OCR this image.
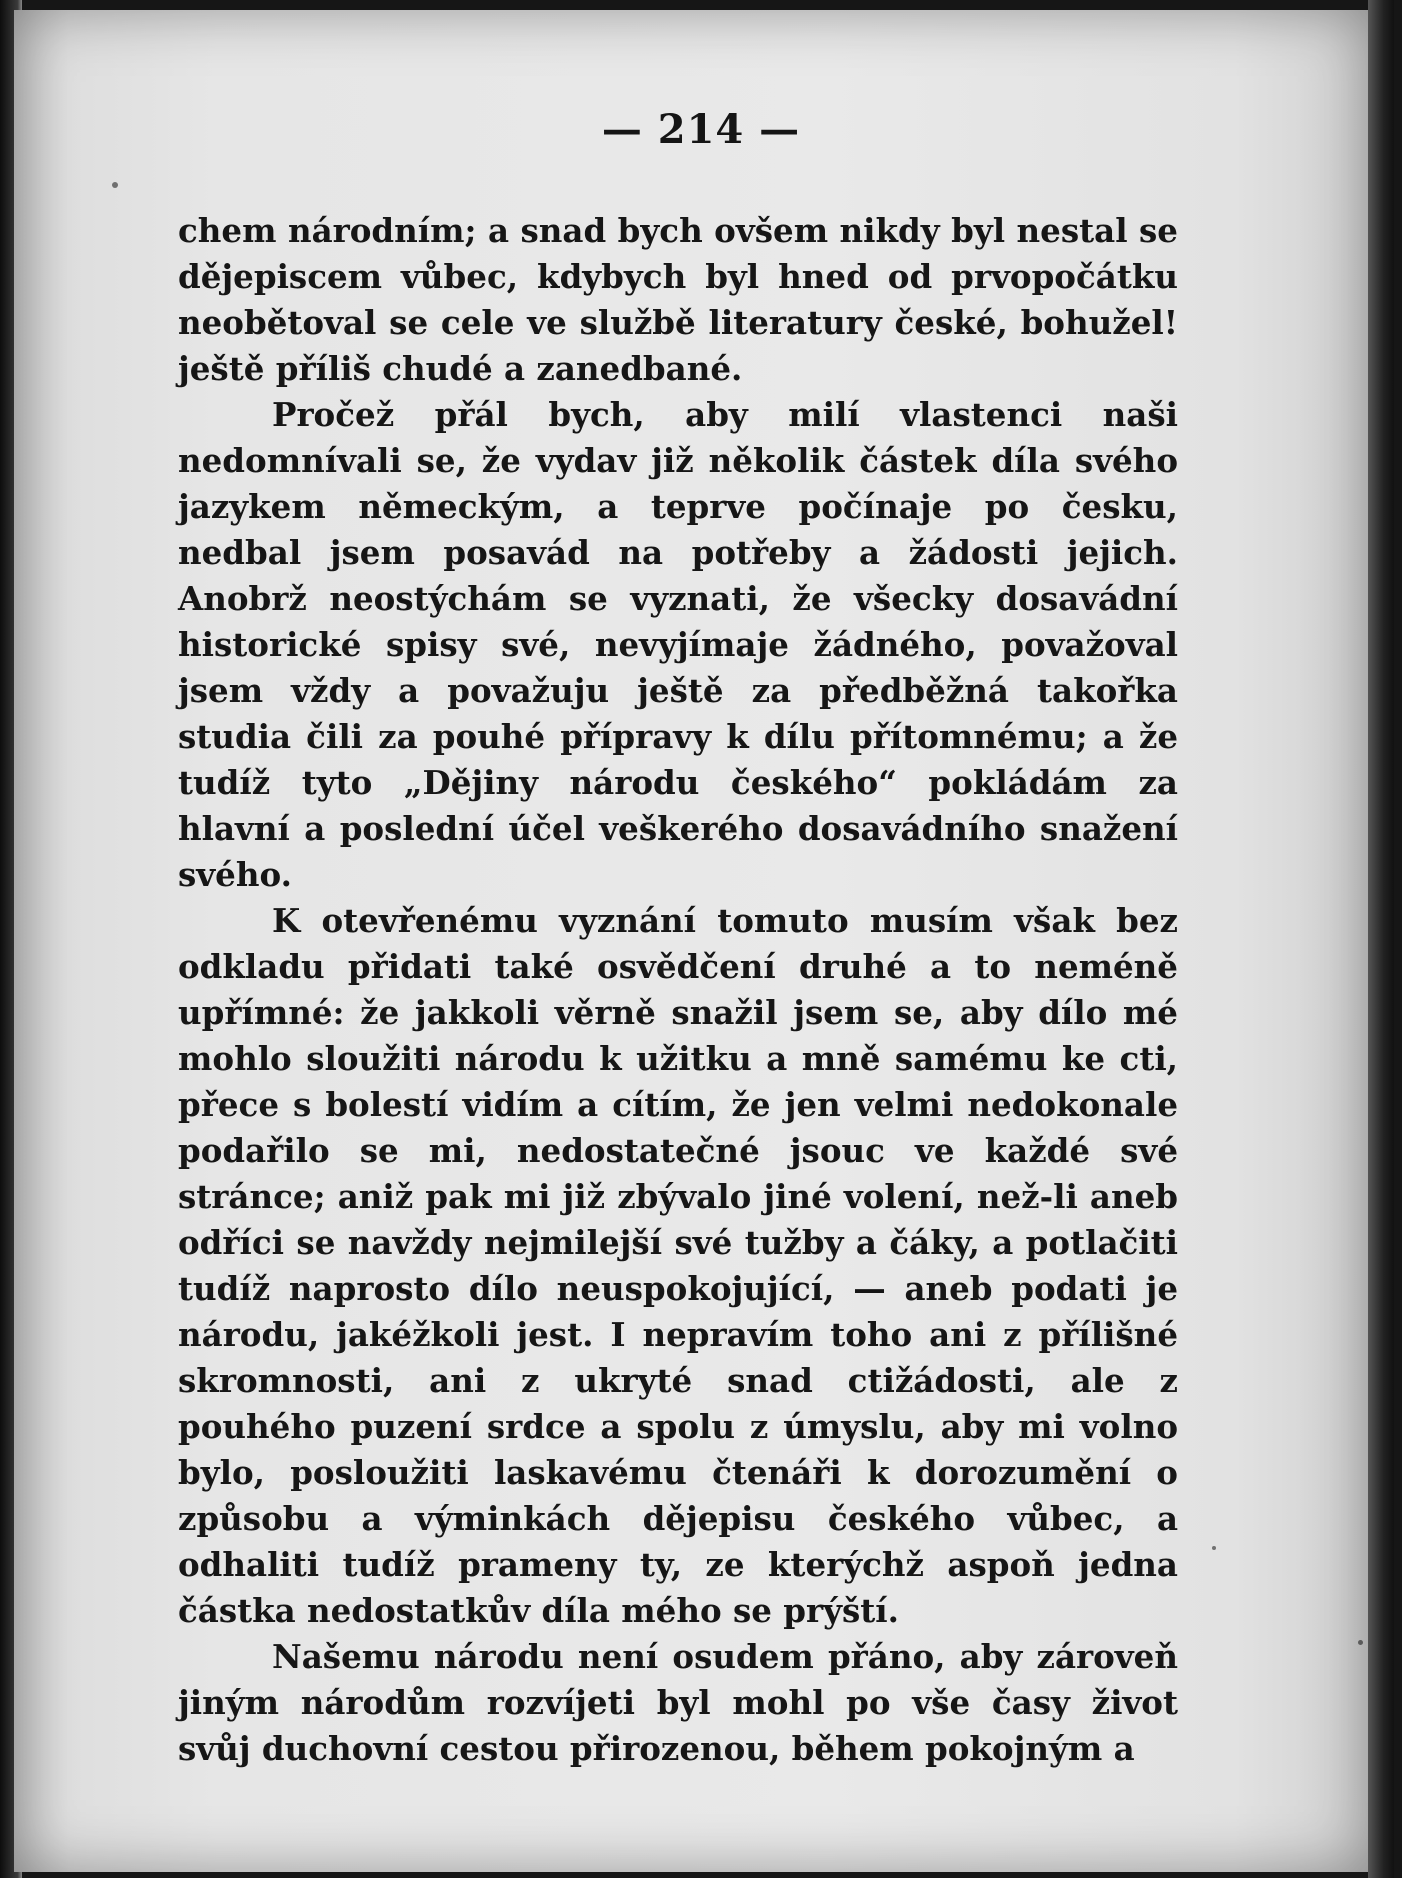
— 214 —

chem národním; a snad bych ovšem nikdy byl nestal se dějepiscem vůbec, kdybych byl hned od prvopočátku neobětoval se cele ve službě literatury české, bohužel! ještě příliš chudé a zanedbané.

Pročež přál bych, aby milí vlastenci naši nedomnívali se, že vydav již několik částek díla svého jazykem německým, a teprve počínaje po česku, nedbal jsem posavád na potřeby a žádosti jejich. Anobrž neostýchám se vyznati, že všecky dosavádní historické spisy své, nevyjímaje žádného, považoval jsem vždy a považuju ještě za předběžná takořka studia čili za pouhé přípravy k dílu přítomnému; a že tudíž tyto „Dějiny národu českého“ pokládám za hlavní a poslední účel veškerého dosavádního snažení svého.

K otevřenému vyznání tomuto musím však bez odkladu přidati také osvědčení druhé a to neméně upřímné: že jakkoli věrně snažil jsem se, aby dílo mé mohlo sloužiti národu k užitku a mně samému ke cti, přece s bolestí vidím a cítím, že jen velmi nedokonale podařilo se mi, nedostatečné jsouc ve každé své stránce; aniž pak mi již zbývalo jiné volení, než-li aneb odříci se navždy nejmilejší své tužby a čáky, a potlačiti tudíž naprosto dílo neuspokojující, — aneb podati je národu, jakéžkoli jest. I nepravím toho ani z přílišné skromnosti, ani z ukryté snad ctižádosti, ale z pouhého puzení srdce a spolu z úmyslu, aby mi volno bylo, posloužiti laskavému čtenáři k dorozumění o způsobu a výminkách dějepisu českého vůbec, a odhaliti tudíž prameny ty, ze kterýchž aspoň jedna částka nedostatkův díla mého se prýští.

Našemu národu není osudem přáno, aby zároveň jiným národům rozvíjeti byl mohl po vše časy život svůj duchovní cestou přirozenou, během pokojným a
